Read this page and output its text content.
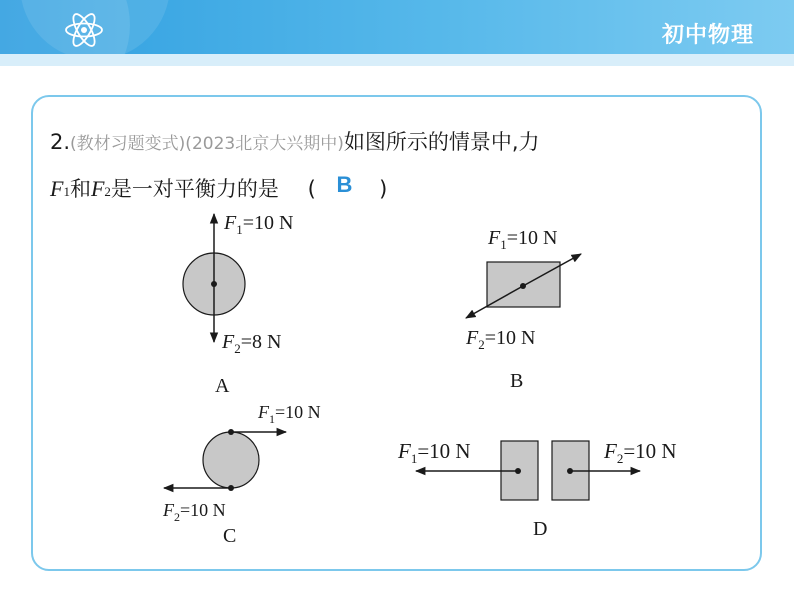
初中物理
2.(教材习题变式)(2023北京大兴期中)如图所示的情景中,力
F1和F2是一对平衡力的是 ( B )
$F_1=10$ N
$F_2=8$ N
A
$F_1=10$ N
$F_2=10$ N
B
$F_1=10$ N
$F_2=10$ N
C
$F_1=10$ N	$F_2=10$ N
D
